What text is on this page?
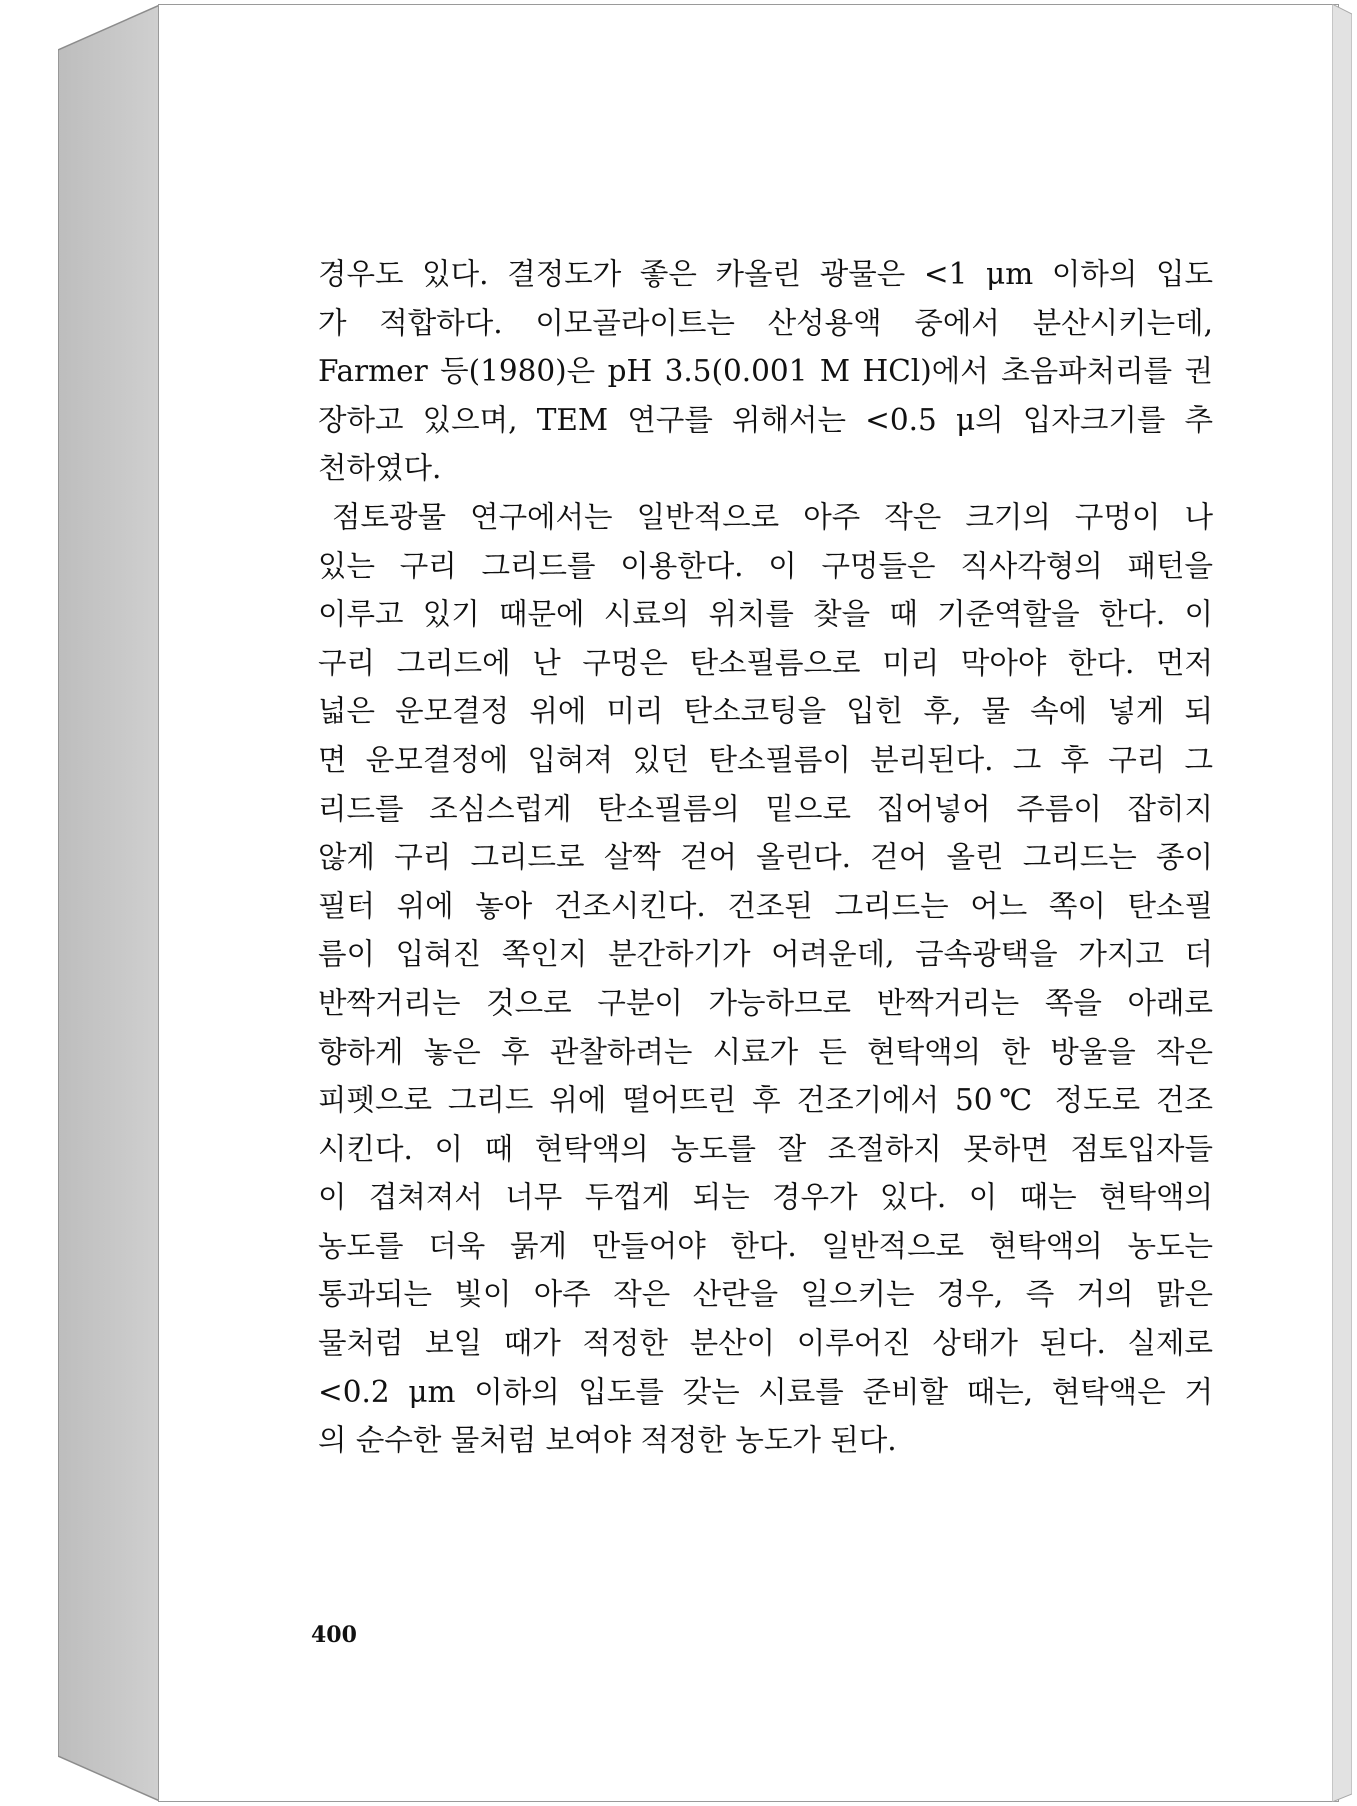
경우도 있다. 결정도가 좋은 카올린 광물은 <1 μm 이하의 입도
가 적합하다. 이모골라이트는 산성용액 중에서 분산시키는데,
Farmer 등(1980)은 pH 3.5(0.001 M HCl)에서 초음파처리를 권
장하고 있으며, TEM 연구를 위해서는 <0.5 μ의 입자크기를 추
천하였다.
점토광물 연구에서는 일반적으로 아주 작은 크기의 구멍이 나
있는 구리 그리드를 이용한다. 이 구멍들은 직사각형의 패턴을
이루고 있기 때문에 시료의 위치를 찾을 때 기준역할을 한다. 이
구리 그리드에 난 구멍은 탄소필름으로 미리 막아야 한다. 먼저
넓은 운모결정 위에 미리 탄소코팅을 입힌 후, 물 속에 넣게 되
면 운모결정에 입혀져 있던 탄소필름이 분리된다. 그 후 구리 그
리드를 조심스럽게 탄소필름의 밑으로 집어넣어 주름이 잡히지
않게 구리 그리드로 살짝 걷어 올린다. 걷어 올린 그리드는 종이
필터 위에 놓아 건조시킨다. 건조된 그리드는 어느 쪽이 탄소필
름이 입혀진 쪽인지 분간하기가 어려운데, 금속광택을 가지고 더
반짝거리는 것으로 구분이 가능하므로 반짝거리는 쪽을 아래로
향하게 놓은 후 관찰하려는 시료가 든 현탁액의 한 방울을 작은
피펫으로 그리드 위에 떨어뜨린 후 건조기에서 50℃ 정도로 건조
시킨다. 이 때 현탁액의 농도를 잘 조절하지 못하면 점토입자들
이 겹쳐져서 너무 두껍게 되는 경우가 있다. 이 때는 현탁액의
농도를 더욱 묽게 만들어야 한다. 일반적으로 현탁액의 농도는
통과되는 빛이 아주 작은 산란을 일으키는 경우, 즉 거의 맑은
물처럼 보일 때가 적정한 분산이 이루어진 상태가 된다. 실제로
<0.2 μm 이하의 입도를 갖는 시료를 준비할 때는, 현탁액은 거
의 순수한 물처럼 보여야 적정한 농도가 된다.
400
